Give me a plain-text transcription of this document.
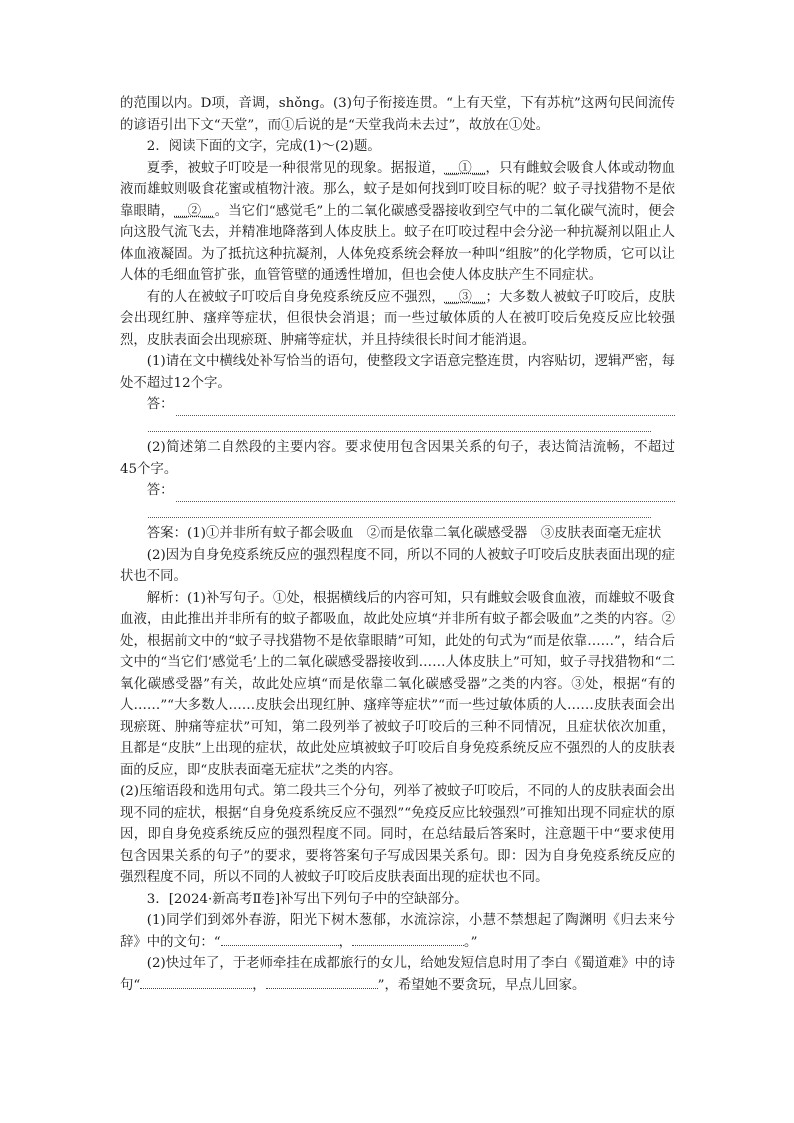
的范围以内。D项，音调，shǒng。(3)句子衔接连贯。“上有天堂，下有苏杭”这两句民间流传的谚语引出下文“天堂”，而①后说的是“天堂我尚未去过”，故放在①处。

2．阅读下面的文字，完成(1)～(2)题。

夏季，被蚊子叮咬是一种很常见的现象。据报道，__①__，只有雌蚊会吸食人体或动物血液而雄蚊则吸食花蜜或植物汁液。那么，蚊子是如何找到叮咬目标的呢？蚊子寻找猎物不是依靠眼睛，__②__。当它们“感觉毛”上的二氧化碳感受器接收到空气中的二氧化碳气流时，便会向这股气流飞去，并精准地降落到人体皮肤上。蚊子在叮咬过程中会分泌一种抗凝剂以阻止人体血液凝固。为了抵抗这种抗凝剂，人体免疫系统会释放一种叫“组胺”的化学物质，它可以让人体的毛细血管扩张，血管管壁的通透性增加，但也会使人体皮肤产生不同症状。

有的人在被蚊子叮咬后自身免疫系统反应不强烈，__③__；大多数人被蚊子叮咬后，皮肤会出现红肿、瘙痒等症状，但很快会消退；而一些过敏体质的人在被叮咬后免疫反应比较强烈，皮肤表面会出现瘀斑、肿痛等症状，并且持续很长时间才能消退。

(1)请在文中横线处补写恰当的语句，使整段文字语意完整连贯，内容贴切，逻辑严密，每处不超过12个字。

答：

(2)简述第二自然段的主要内容。要求使用包含因果关系的句子，表达简洁流畅，不超过45个字。

答：

答案：(1)①并非所有蚊子都会吸血　②而是依靠二氧化碳感受器　③皮肤表面毫无症状

(2)因为自身免疫系统反应的强烈程度不同，所以不同的人被蚊子叮咬后皮肤表面出现的症状也不同。

解析：(1)补写句子。①处，根据横线后的内容可知，只有雌蚊会吸食血液，而雄蚊不吸食血液，由此推出并非所有的蚊子都吸血，故此处应填“并非所有蚊子都会吸血”之类的内容。②处，根据前文中的“蚊子寻找猎物不是依靠眼睛”可知，此处的句式为“而是依靠……”，结合后文中的“当它们‘感觉毛’上的二氧化碳感受器接收到……人体皮肤上”可知，蚊子寻找猎物和“二氧化碳感受器”有关，故此处应填“而是依靠二氧化碳感受器”之类的内容。③处，根据“有的人……”“大多数人……皮肤会出现红肿、瘙痒等症状”“而一些过敏体质的人……皮肤表面会出现瘀斑、肿痛等症状”可知，第二段列举了被蚊子叮咬后的三种不同情况，且症状依次加重，且都是“皮肤”上出现的症状，故此处应填被蚊子叮咬后自身免疫系统反应不强烈的人的皮肤表面的反应，即“皮肤表面毫无症状”之类的内容。

(2)压缩语段和选用句式。第二段共三个分句，列举了被蚊子叮咬后，不同的人的皮肤表面会出现不同的症状，根据“自身免疫系统反应不强烈”“免疫反应比较强烈”可推知出现不同症状的原因，即自身免疫系统反应的强烈程度不同。同时，在总结最后答案时，注意题干中“要求使用包含因果关系的句子”的要求，要将答案句子写成因果关系句。即：因为自身免疫系统反应的强烈程度不同，所以不同的人被蚊子叮咬后皮肤表面出现的症状也不同。

3．[2024·新高考Ⅱ卷]补写出下列句子中的空缺部分。

(1)同学们到郊外春游，阳光下树木葱郁，水流淙淙，小慧不禁想起了陶渊明《归去来兮辞》中的文句：“	，	。”

(2)快过年了，于老师牵挂在成都旅行的女儿，给她发短信息时用了李白《蜀道难》中的诗句“	，	”，希望她不要贪玩，早点儿回家。
